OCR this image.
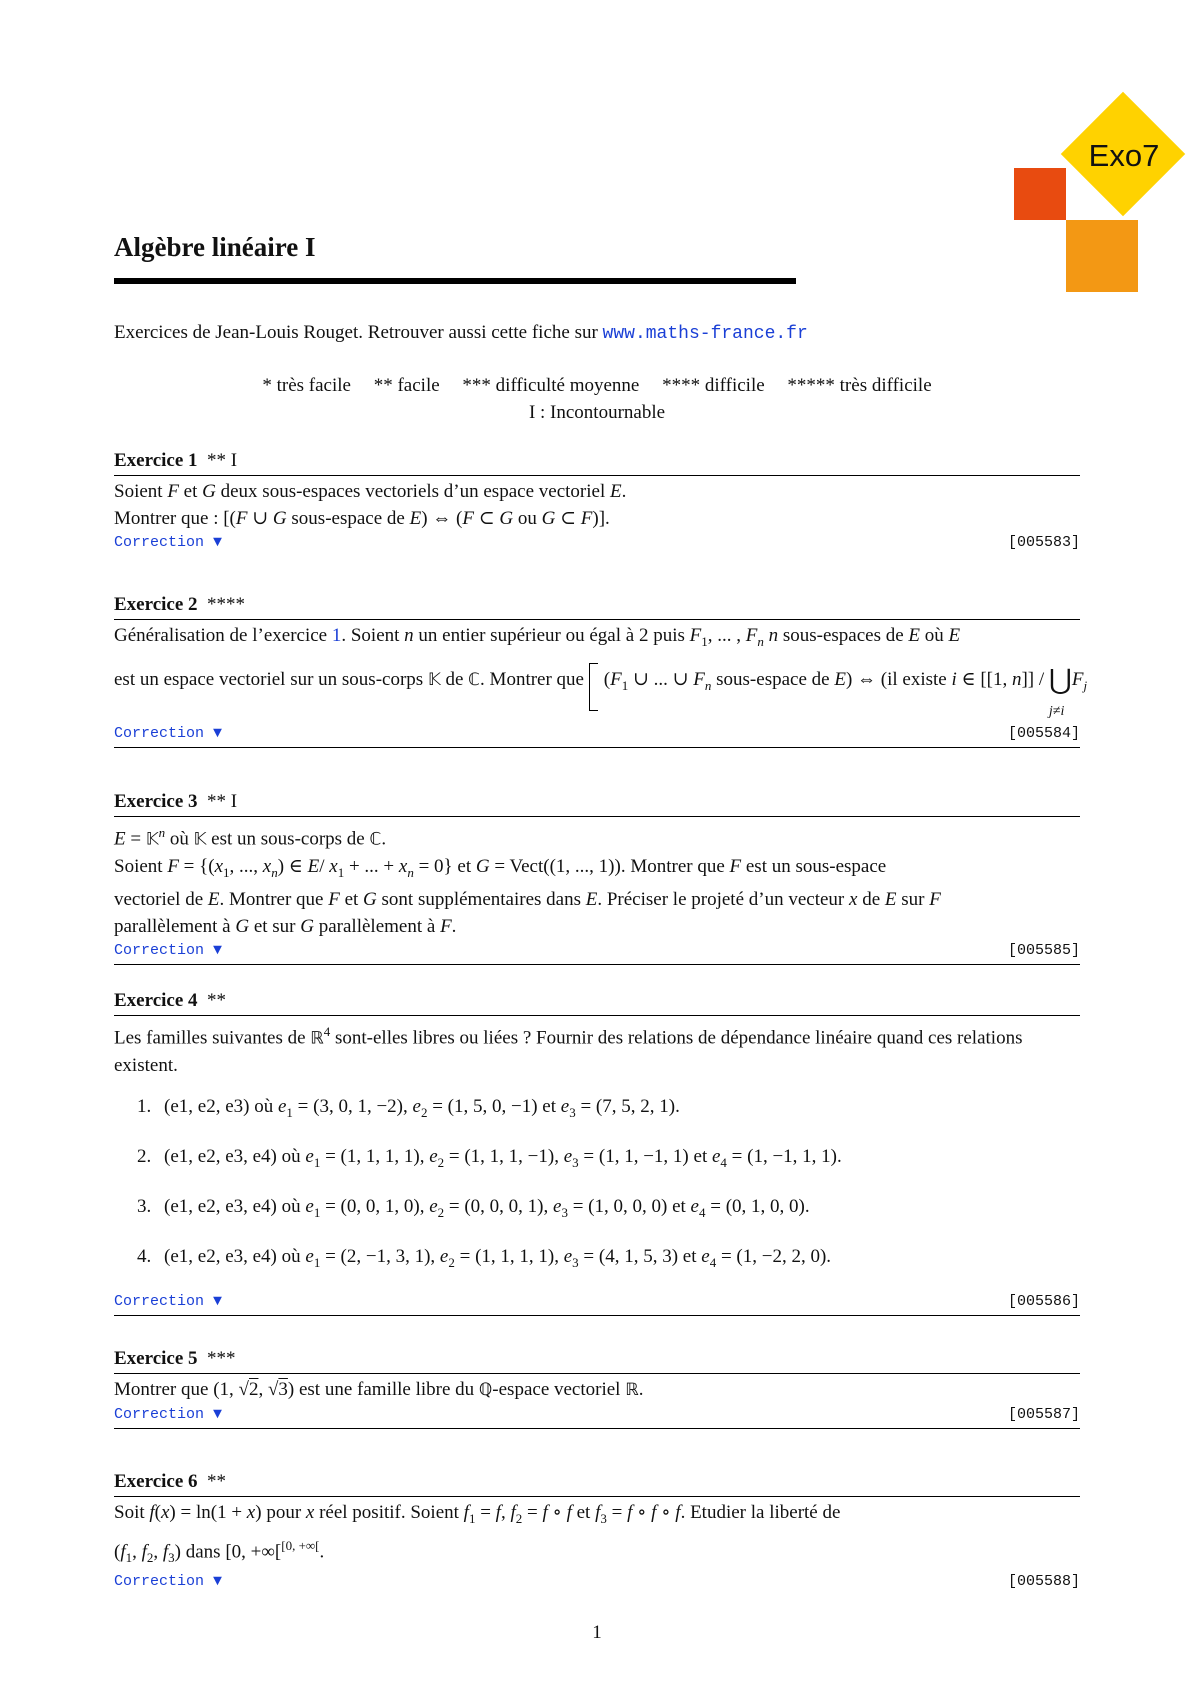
Exo7
Algèbre linéaire I
Exercices de Jean-Louis Rouget. Retrouver aussi cette fiche sur www.maths-france.fr
* très facile ** facile *** difficulté moyenne **** difficile ***** très difficile
I : Incontournable
Exercice 1 ** I
Soient F et G deux sous-espaces vectoriels d’un espace vectoriel E.
Montrer que : [(F ∪ G sous-espace de E) ⇔ (F ⊂ G ou G ⊂ F)].
Correction ▼	[005583]
Exercice 2 ****
Généralisation de l’exercice 1. Soient n un entier supérieur ou égal à 2 puis $F_1$, ... , $F_n$ n sous-espaces de E où E
est un espace vectoriel sur un sous-corps 𝕂 de ℂ. Montrer que ($F_1$ ∪ ... ∪ $F_n$ sous-espace de E) ⇔ (il existe i ∈ [[1, n]] / ⋃
j≠i
$F_j$
Correction ▼	[005584]
Exercice 3 ** I
E = 𝕂$^n$ où 𝕂 est un sous-corps de ℂ.
Soient $F = \{(x_1$, ..., $x_n$) ∈ E/ $x_1$ + ... + $x_n = 0$} et G = Vect((1, ..., 1)). Montrer que F est un sous-espace
vectoriel de E. Montrer que F et G sont supplémentaires dans E. Préciser le projeté d’un vecteur x de E sur F
parallèlement à G et sur G parallèlement à F.
Correction ▼	[005585]
Exercice 4 **
Les familles suivantes de ℝ$^4$ sont-elles libres ou liées ? Fournir des relations de dépendance linéaire quand ces relations existent.
1. (e1, e2, e3) où $e_1 = (3$, 0, 1, −2), $e_2 = (1$, 5, 0, −1) et $e_3 = (7$, 5, 2, 1).
2. (e1, e2, e3, e4) où $e_1 = (1$, 1, 1, 1), $e_2 = (1$, 1, 1, −1), $e_3 = (1$, 1, −1, 1) et $e_4 = (1$, −1, 1, 1).
3. (e1, e2, e3, e4) où $e_1 = (0$, 0, 1, 0), $e_2 = (0$, 0, 0, 1), $e_3 = (1$, 0, 0, 0) et $e_4 = (0$, 1, 0, 0).
4. (e1, e2, e3, e4) où $e_1 = (2$, −1, 3, 1), $e_2 = (1$, 1, 1, 1), $e_3 = (4$, 1, 5, 3) et $e_4 = (1$, −2, 2, 0).
Correction ▼	[005586]
Exercice 5 ***
Montrer que (1, √2, √3) est une famille libre du ℚ-espace vectoriel ℝ.
Correction ▼	[005587]
Exercice 6 **
Soit f(x) = ln(1 + x) pour x réel positif. Soient $f_1 = f$, $f_2 = f$ ∘ f et $f_3 = f$ ∘ f ∘ f. Etudier la liberté de
($f_1$, $f_2$, $f_3$) dans [0, +∞[$^{[0, +\infty[}$.
Correction ▼	[005588]
1
